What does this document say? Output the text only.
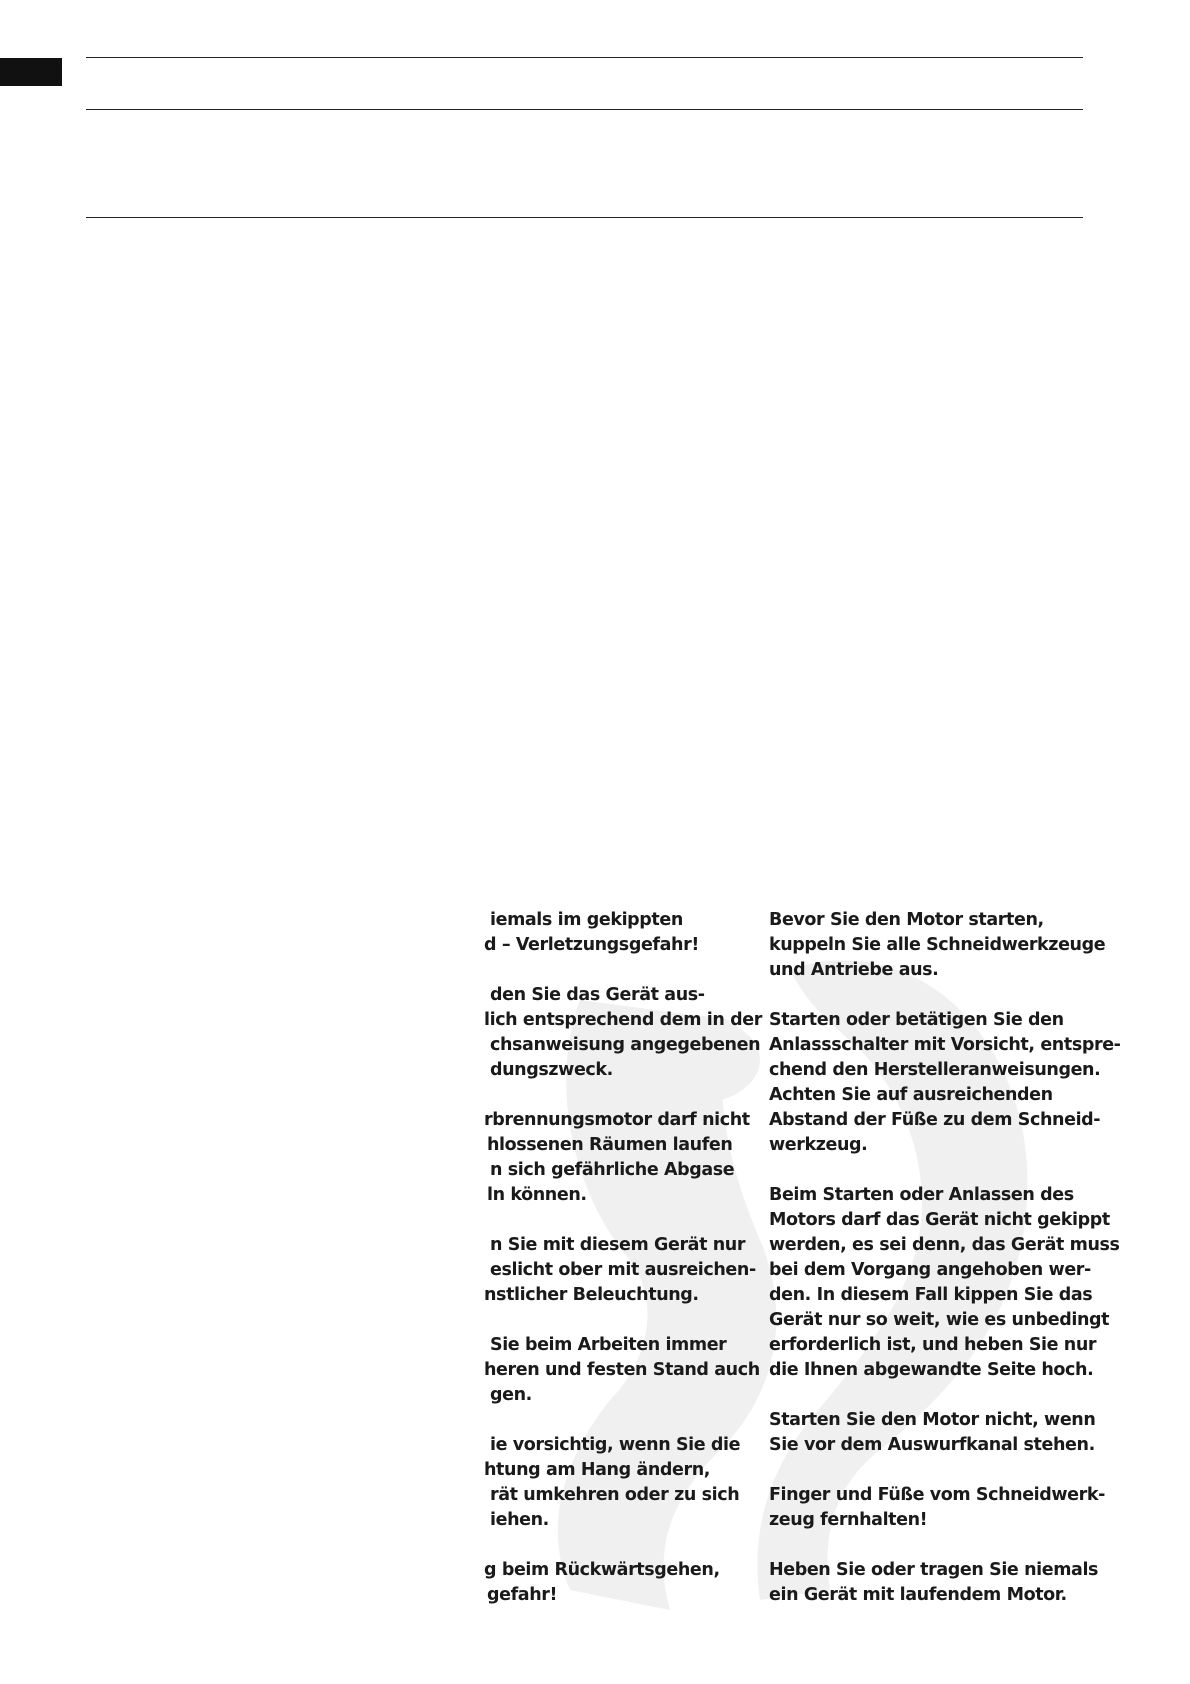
iemals im gekippten
d – Verletzungsgefahr!
den Sie das Gerät aus-
lich entsprechend dem in der
chsanweisung angegebenen
dungszweck.
rbrennungsmotor darf nicht
hlossenen Räumen laufen
n sich gefährliche Abgase
ln können.
n Sie mit diesem Gerät nur
eslicht ober mit ausreichen-
nstlicher Beleuchtung.
Sie beim Arbeiten immer
heren und festen Stand auch
gen.
ie vorsichtig, wenn Sie die
htung am Hang ändern,
rät umkehren oder zu sich
iehen.
g beim Rückwärtsgehen,
gefahr!
Bevor Sie den Motor starten,
kuppeln Sie alle Schneidwerkzeuge
und Antriebe aus.
Starten oder betätigen Sie den
Anlassschalter mit Vorsicht, entspre-
chend den Herstelleranweisungen.
Achten Sie auf ausreichenden
Abstand der Füße zu dem Schneid-
werkzeug.
Beim Starten oder Anlassen des
Motors darf das Gerät nicht gekippt
werden, es sei denn, das Gerät muss
bei dem Vorgang angehoben wer-
den. In diesem Fall kippen Sie das
Gerät nur so weit, wie es unbedingt
erforderlich ist, und heben Sie nur
die Ihnen abgewandte Seite hoch.
Starten Sie den Motor nicht, wenn
Sie vor dem Auswurfkanal stehen.
Finger und Füße vom Schneidwerk-
zeug fernhalten!
Heben Sie oder tragen Sie niemals
ein Gerät mit laufendem Motor.
